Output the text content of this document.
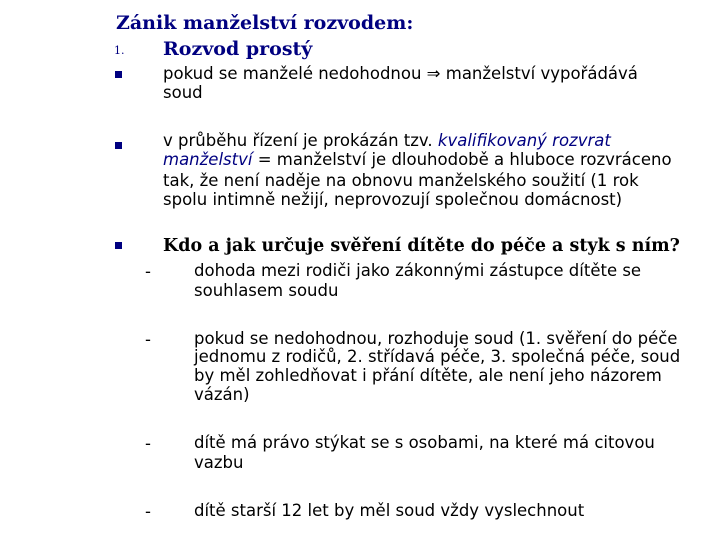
Zánik manželství rozvodem:
1. Rozvod prostý
pokud se manželé nedohodnou ⇒ manželství vypořádává
soud
v průběhu řízení je prokázán tzv. kvalifikovaný rozvrat
manželství = manželství je dlouhodobě a hluboce rozvráceno
tak, že není naděje na obnovu manželského soužití (1 rok
spolu intimně nežijí, neprovozují společnou domácnost)
Kdo a jak určuje svěření dítěte do péče a styk s ním?
-	dohoda mezi rodiči jako zákonnými zástupce dítěte se
souhlasem soudu
-	pokud se nedohodnou, rozhoduje soud (1. svěření do péče
jednomu z rodičů, 2. střídavá péče, 3. společná péče, soud
by měl zohledňovat i přání dítěte, ale není jeho názorem
vázán)
-	dítě má právo stýkat se s osobami, na které má citovou
vazbu
-	dítě starší 12 let by měl soud vždy vyslechnout
